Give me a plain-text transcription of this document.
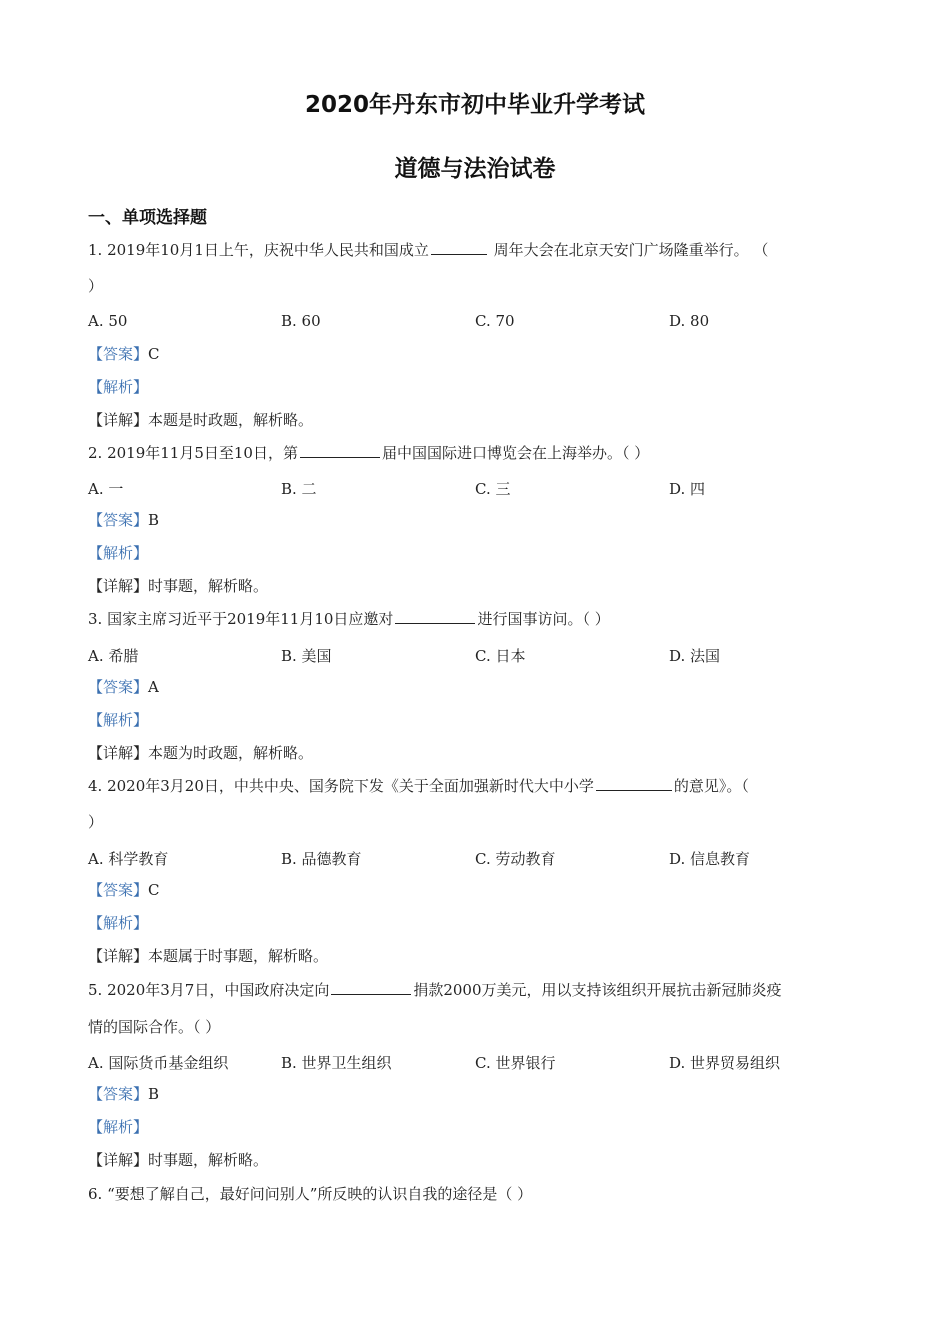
2020年丹东市初中毕业升学考试
道德与法治试卷
一、单项选择题
1. 2019年10月1日上午，庆祝中华人民共和国成立	周年大会在北京天安门广场隆重举行。 （
）
A. 50	B. 60	C. 70	D. 80
【答案】C
【解析】
【详解】本题是时政题，解析略。
2. 2019年11月5日至10日，第	届中国国际进口博览会在上海举办。（ ）
A. 一	B. 二	C. 三	D. 四
【答案】B
【解析】
【详解】时事题，解析略。
3. 国家主席习近平于2019年11月10日应邀对	进行国事访问。（ ）
A. 希腊	B. 美国	C. 日本	D. 法国
【答案】A
【解析】
【详解】本题为时政题，解析略。
4. 2020年3月20日，中共中央、国务院下发《关于全面加强新时代大中小学	的意见》。（
）
A. 科学教育	B. 品德教育	C. 劳动教育	D. 信息教育
【答案】C
【解析】
【详解】本题属于时事题，解析略。
5. 2020年3月7日，中国政府决定向	捐款2000万美元，用以支持该组织开展抗击新冠肺炎疫
情的国际合作。（ ）
A. 国际货币基金组织	B. 世界卫生组织	C. 世界银行	D. 世界贸易组织
【答案】B
【解析】
【详解】时事题，解析略。
6. “要想了解自己，最好问问别人”所反映的认识自我的途径是（ ）
